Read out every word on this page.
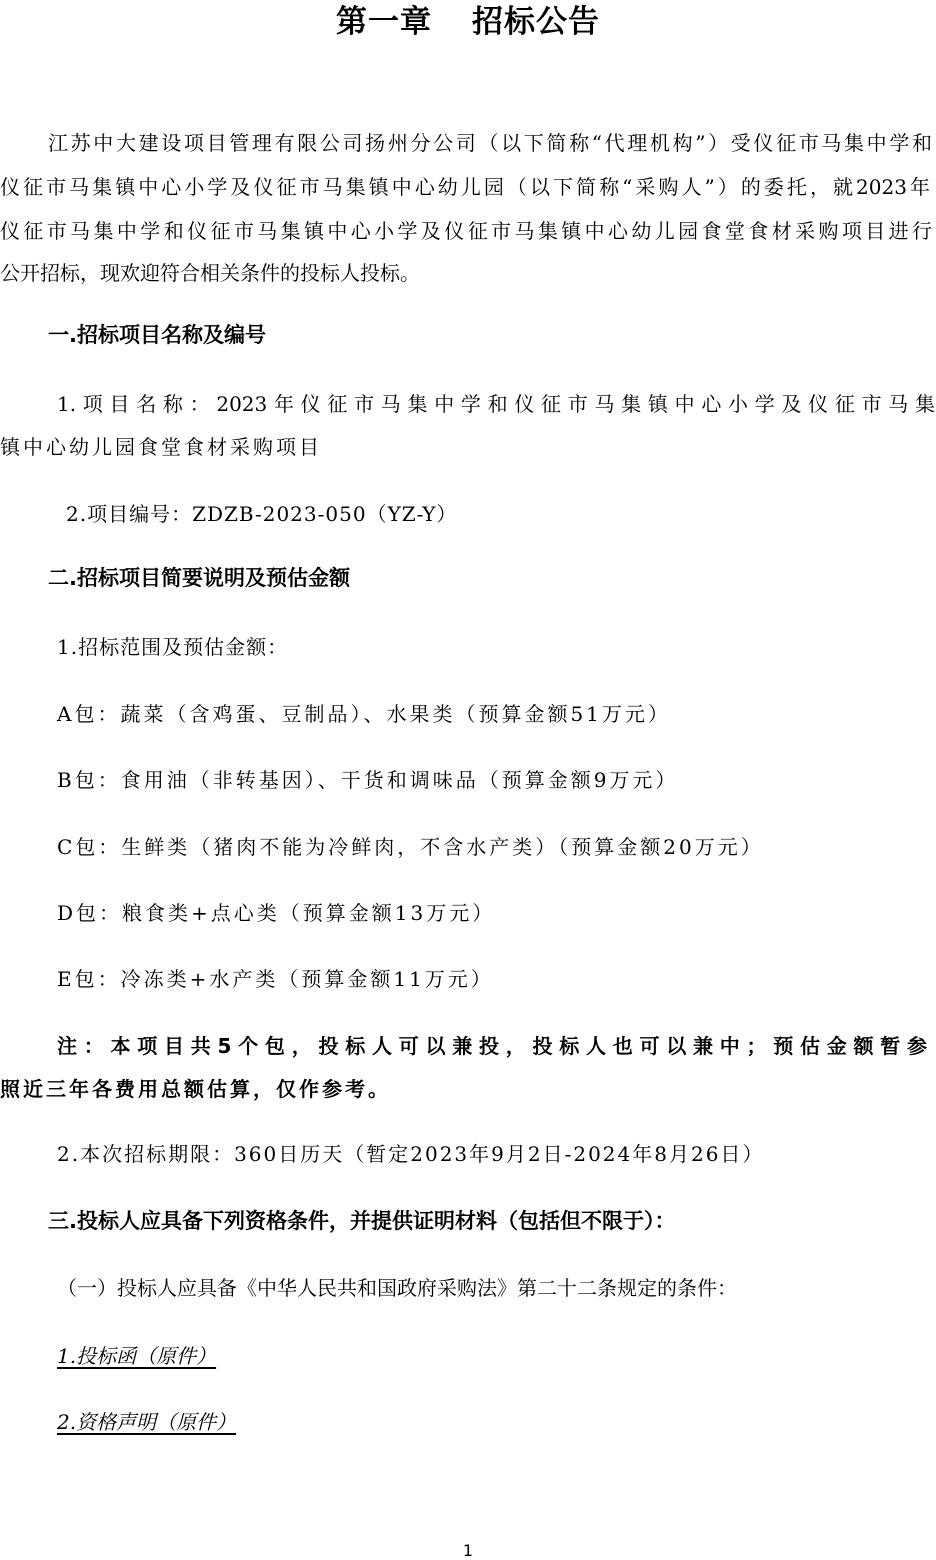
第一章 招标公告
江苏中大建设项目管理有限公司扬州分公司（以下简称“代理机构”）受仪征市马集中学和
仪征市马集镇中心小学及仪征市马集镇中心幼儿园（以下简称“采购人”）的委托，就2023年
仪征市马集中学和仪征市马集镇中心小学及仪征市马集镇中心幼儿园食堂食材采购项目进行
公开招标，现欢迎符合相关条件的投标人投标。
一.招标项目名称及编号
1.项目名称：2023年仪征市马集中学和仪征市马集镇中心小学及仪征市马集
镇中心幼儿园食堂食材采购项目
2.项目编号：ZDZB-2023-050（YZ-Y）
二.招标项目简要说明及预估金额
1.招标范围及预估金额：
A包：蔬菜（含鸡蛋、豆制品）、水果类（预算金额51万元）
B包：食用油（非转基因）、干货和调味品（预算金额9万元）
C包：生鲜类（猪肉不能为冷鲜肉，不含水产类）（预算金额20万元）
D包：粮食类+点心类（预算金额13万元）
E包：冷冻类+水产类（预算金额11万元）
注：本项目共5个包，投标人可以兼投，投标人也可以兼中；预估金额暂参
照近三年各费用总额估算，仅作参考。
2.本次招标期限：360日历天（暂定2023年9月2日-2024年8月26日）
三.投标人应具备下列资格条件，并提供证明材料（包括但不限于）：
（一）投标人应具备《中华人民共和国政府采购法》第二十二条规定的条件：
1.投标函（原件）
2.资格声明（原件）
1
